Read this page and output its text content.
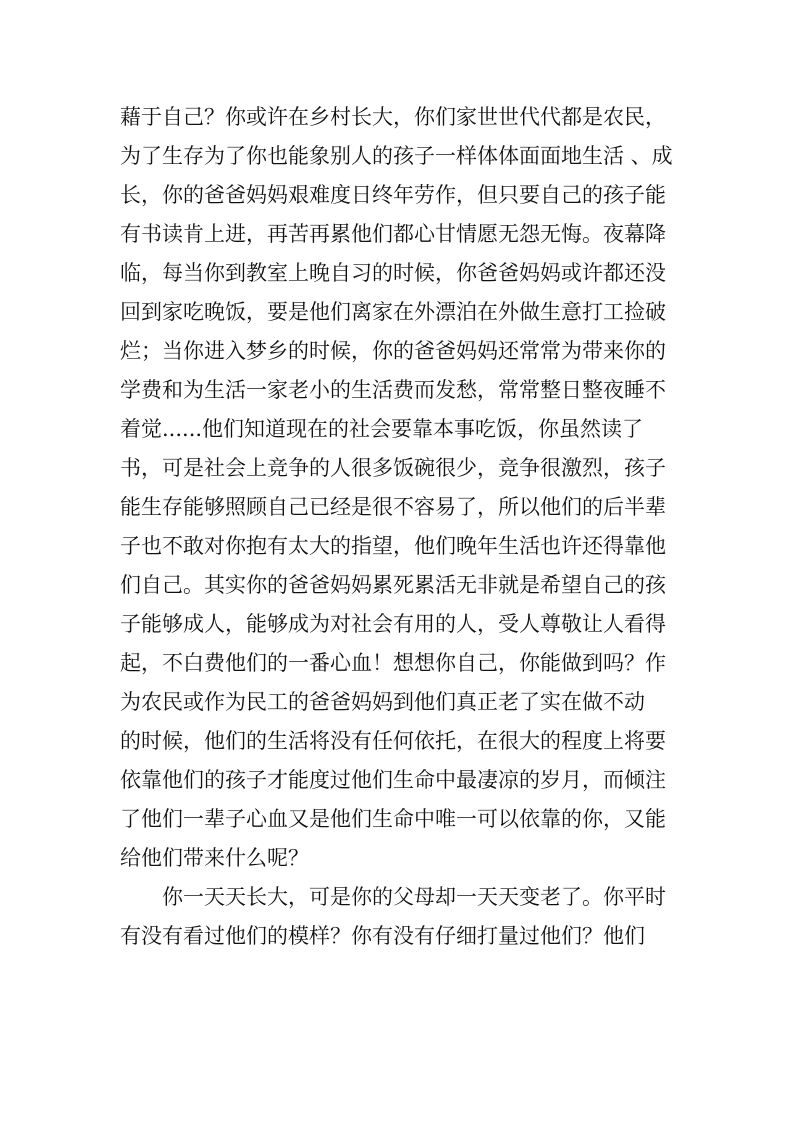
藉于自己？你或许在乡村长大，你们家世世代代都是农民，
为了生存为了你也能象别人的孩子一样体体面面地生活 、成
长，你的爸爸妈妈艰难度日终年劳作，但只要自己的孩子能
有书读肯上进，再苦再累他们都心甘情愿无怨无悔。夜幕降
临，每当你到教室上晚自习的时候，你爸爸妈妈或许都还没
回到家吃晚饭，要是他们离家在外漂泊在外做生意打工捡破
烂；当你进入梦乡的时候，你的爸爸妈妈还常常为带来你的
学费和为生活一家老小的生活费而发愁，常常整日整夜睡不
着觉......他们知道现在的社会要靠本事吃饭，你虽然读了
书，可是社会上竞争的人很多饭碗很少，竞争很激烈，孩子
能生存能够照顾自己已经是很不容易了，所以他们的后半辈
子也不敢对你抱有太大的指望，他们晚年生活也许还得靠他
们自己。其实你的爸爸妈妈累死累活无非就是希望自己的孩
子能够成人，能够成为对社会有用的人，受人尊敬让人看得
起，不白费他们的一番心血！想想你自己，你能做到吗？作
为农民或作为民工的爸爸妈妈到他们真正老了实在做不动
的时候，他们的生活将没有任何依托，在很大的程度上将要
依靠他们的孩子才能度过他们生命中最凄凉的岁月，而倾注
了他们一辈子心血又是他们生命中唯一可以依靠的你，又能
给他们带来什么呢？
你一天天长大，可是你的父母却一天天变老了。你平时
有没有看过他们的模样？你有没有仔细打量过他们？他们
